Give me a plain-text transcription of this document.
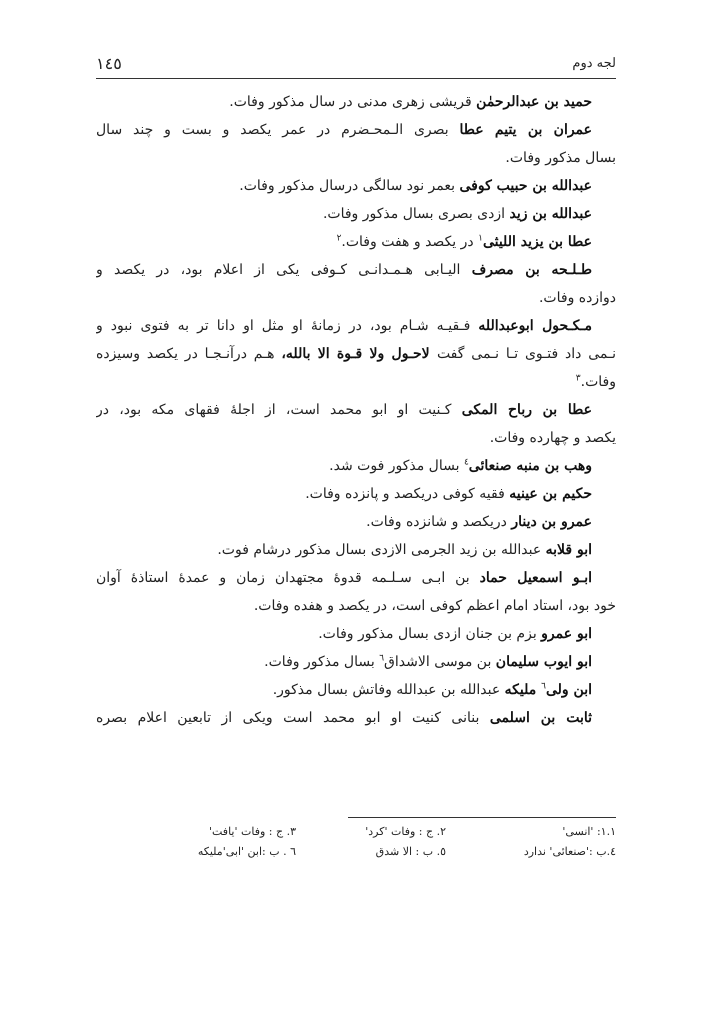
لجه دوم
۱٤٥
حمید بن عبدالرحمٰن قریشی زهری مدنی در سال مذکور وفات.
عمران بن یتیم عطا بصری الـمحـضرم در عمر یکصد و بست و چند سال
بسال مذکور وفات.
عبدالله بن حبیب کوفی بعمر نود سالگی درسال مذکور وفات.
عبدالله بن زید ازدی بصری بسال مذکور وفات.
عطا بن یزید اللیثی$^۱$ در یکصد و هفت وفات.$^۲$
طـلـحه بن مصرف الیـابی هـمـدانـی کـوفی یکی از اعلام بود، در یکصد و
دوازده وفات.
مـکـحول ابوعبدالله فـقیـه شـام بود، در زمانهٔ او مثل او دانا تر به فتوی نبود و
نـمی داد فتـوی تـا نـمی گفت لاحـول ولا قـوة الا بالله، هـم درآنـجـا در یکصد وسیزده
وفات.$^۳$
عطا بن رباح المکی کـنیت او ابو محمد است، از اجلهٔ فقهای مکه بود، در
یکصد و چهارده وفات.
وهب بن منبه صنعائی$^٤$ بسال مذکور فوت شد.
حکیم بن عینیه فقیه کوفی دریکصد و پانزده وفات.
عمرو بن دینار دریکصد و شانزده وفات.
ابو قلابه عبدالله بن زید الجرمی الازدی بسال مذکور درشام فوت.
ابـو اسمعیل حماد بن ابـی سـلـمه قدوهٔ مجتهدان زمان و عمدهٔ استاذهٔ آوان
خود بود، استاد امام اعظم کوفی است، در یکصد و هفده وفات.
ابو عمرو بزم بن جنان ازدی بسال مذکور وفات.
ابو ایوب سلیمان بن موسی الاشداق$^٦$ بسال مذکور وفات.
ابن ولی$^٦$ ملیکه عبدالله بن عبدالله وفاتش بسال مذکور.
ثابت بن اسلمی بنانی کنیت او ابو محمد است ویکی از تابعین اعلام بصره
۱.۱: 'انسی'
۲. ج : وفات 'کرد'
۳. ج : وفات 'یافت'
٤.ب :'صنعائی' ندارد
٥. ب : الا شدق
٦ . ب :ابن 'ابی'ملیکه
